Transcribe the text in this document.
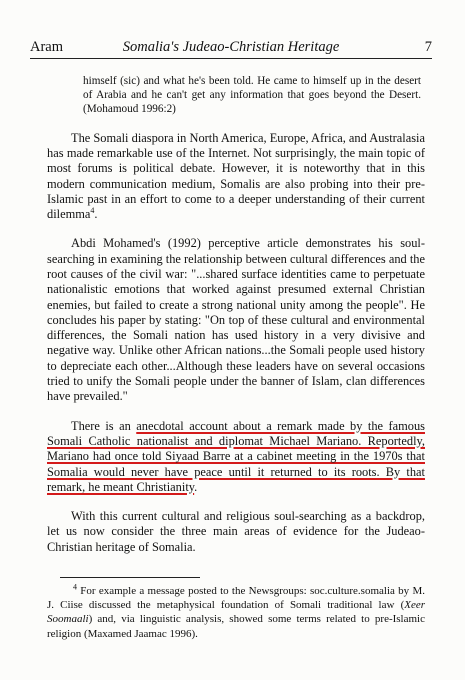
Aram	Somalia's Judeao-Christian Heritage	7

himself (sic) and what he's been told. He came to himself up in the desert of Arabia and he can't get any information that goes beyond the Desert. (Mohamoud 1996:2)

The Somali diaspora in North America, Europe, Africa, and Australasia has made remarkable use of the Internet. Not surprisingly, the main topic of most forums is political debate. However, it is noteworthy that in this modern communication medium, Somalis are also probing into their pre-Islamic past in an effort to come to a deeper understanding of their current dilemma$^4$.

Abdi Mohamed's (1992) perceptive article demonstrates his soul-searching in examining the relationship between cultural differences and the root causes of the civil war: "...shared surface identities came to perpetuate nationalistic emotions that worked against presumed external Christian enemies, but failed to create a strong national unity among the people". He concludes his paper by stating: "On top of these cultural and environmental differences, the Somali nation has used history in a very divisive and negative way. Unlike other African nations...the Somali people used history to depreciate each other...Although these leaders have on several occasions tried to unify the Somali people under the banner of Islam, clan differences have prevailed."

There is an anecdotal account about a remark made by the famous Somali Catholic nationalist and diplomat Michael Mariano. Reportedly, Mariano had once told Siyaad Barre at a cabinet meeting in the 1970s that Somalia would never have peace until it returned to its roots. By that remark, he meant Christianity.

With this current cultural and religious soul-searching as a backdrop, let us now consider the three main areas of evidence for the Judeao-Christian heritage of Somalia.

$^4$ For example a message posted to the Newsgroups: soc.culture.somalia by M. J. Ciise discussed the metaphysical foundation of Somali traditional law (Xeer Soomaali) and, via linguistic analysis, showed some terms related to pre-Islamic religion (Maxamed Jaamac 1996).
